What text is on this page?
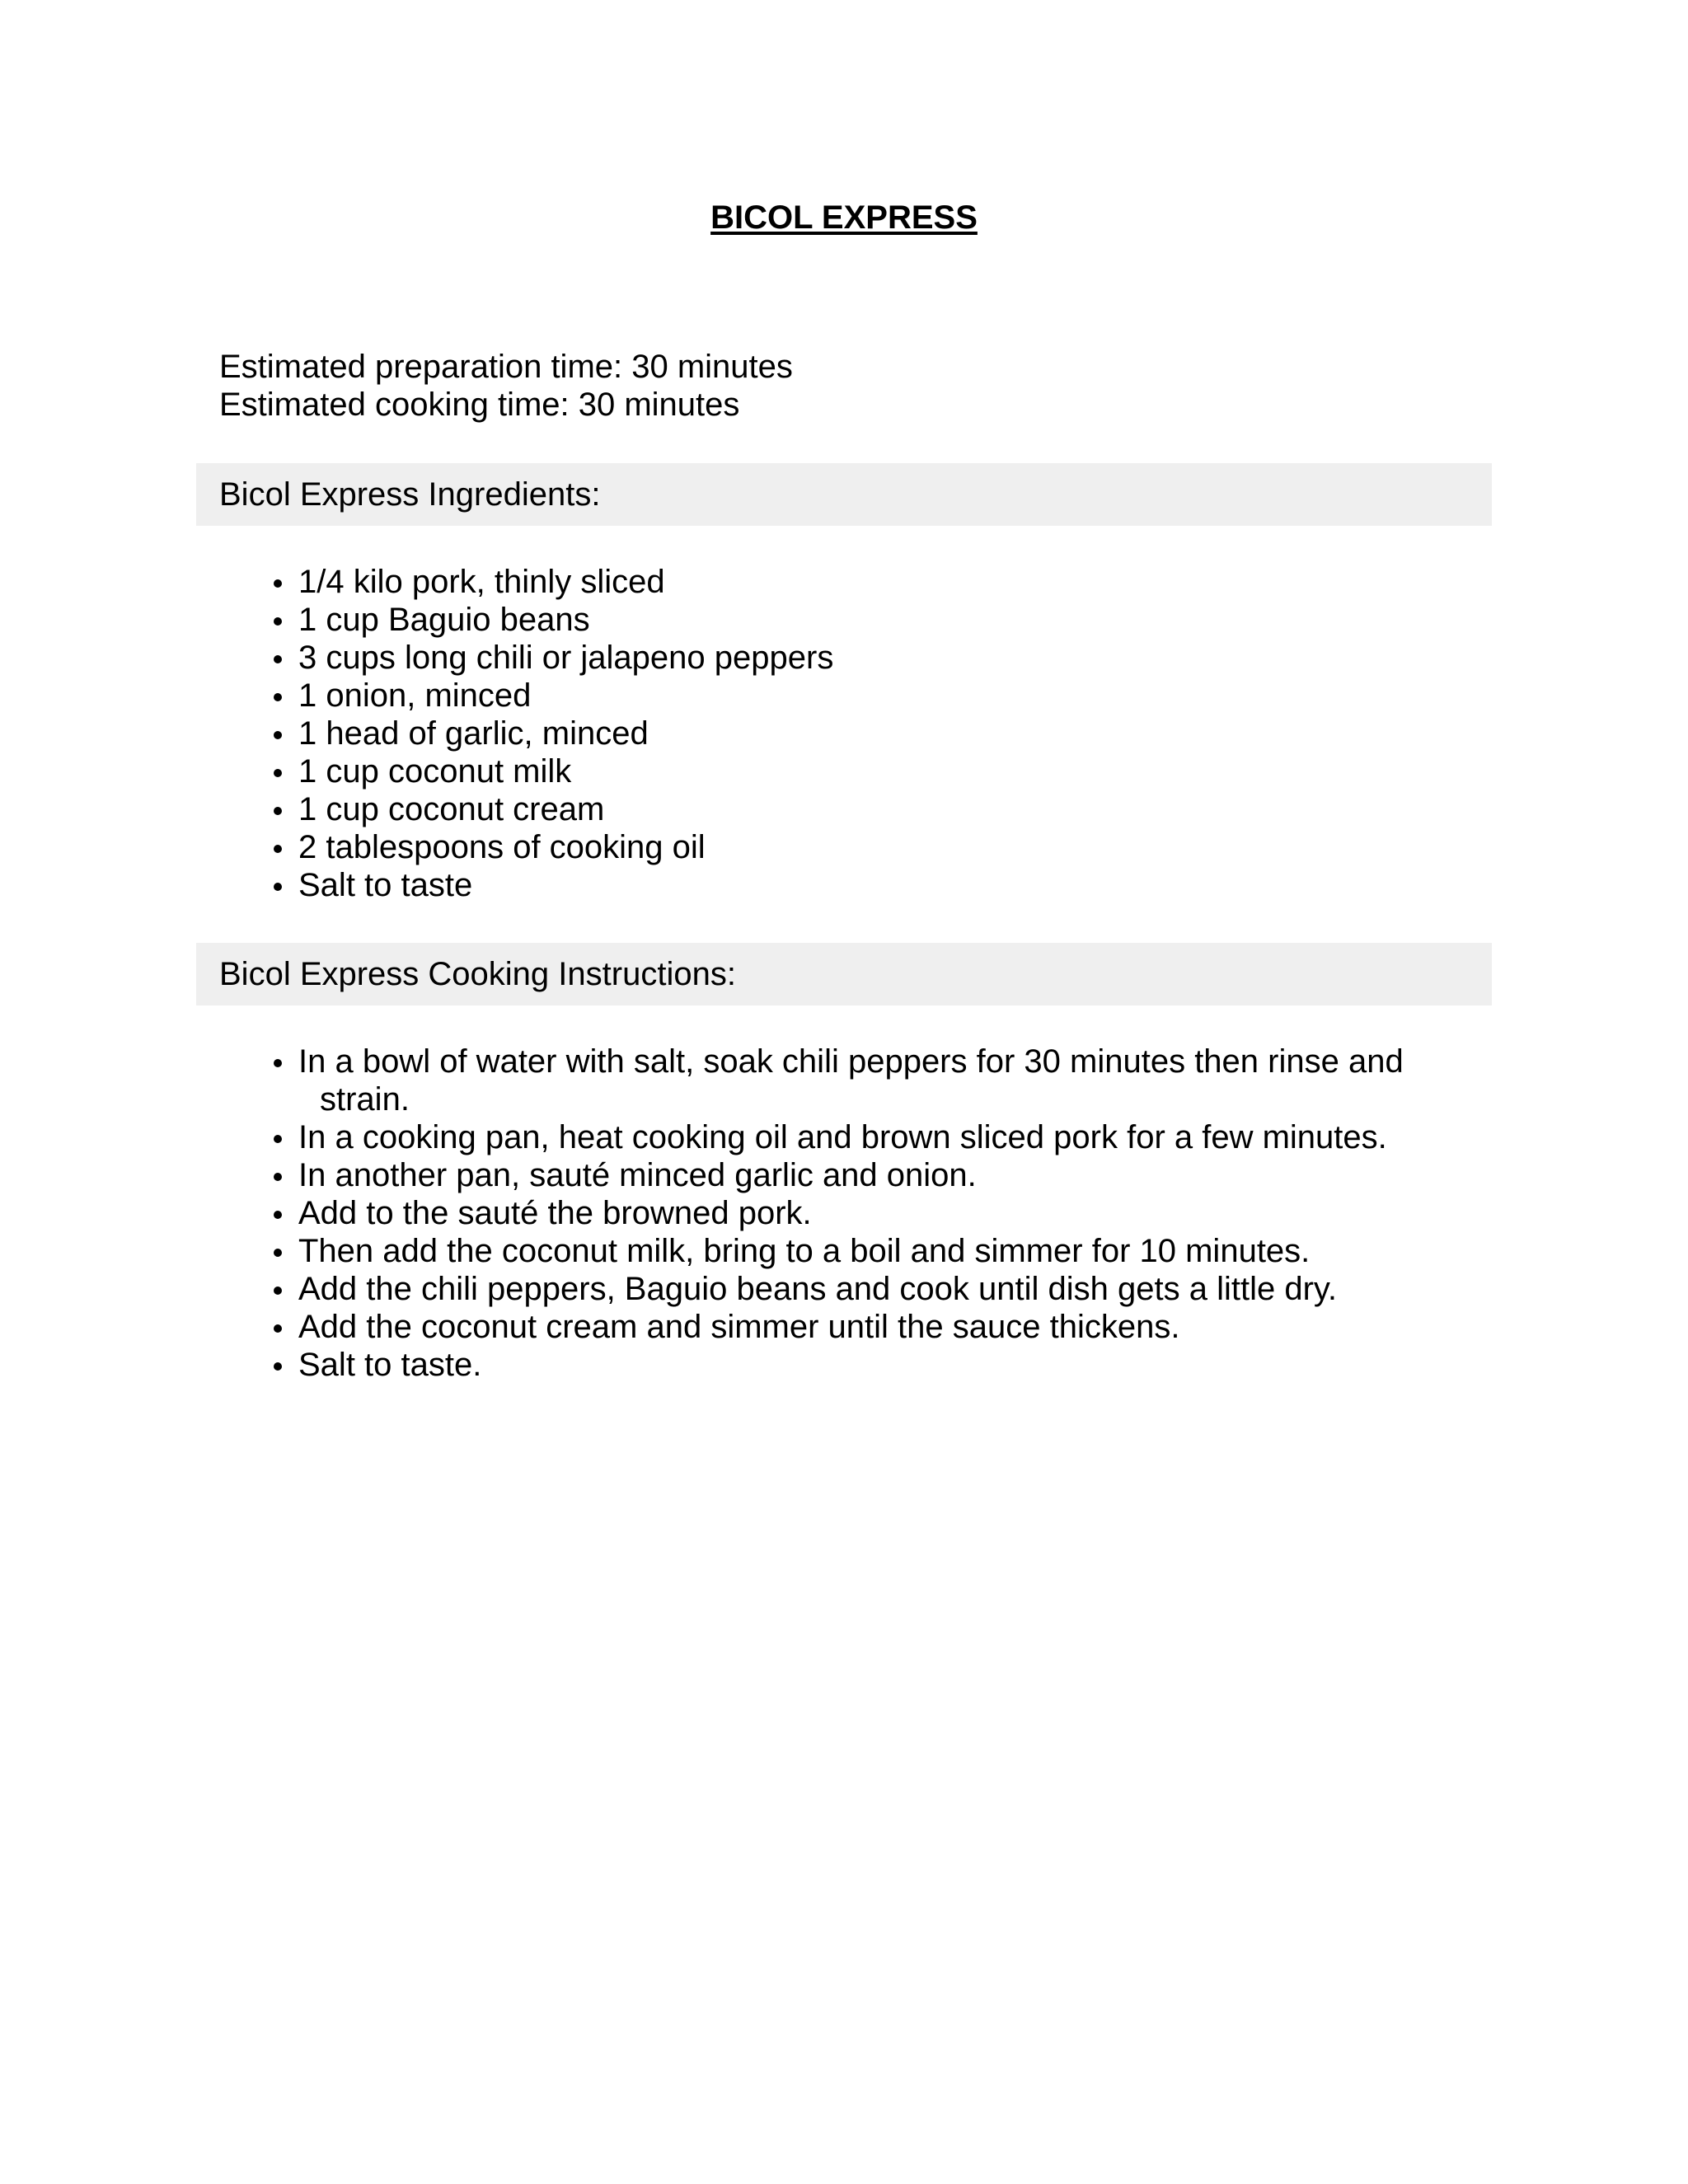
BICOL EXPRESS
Estimated preparation time: 30 minutes
Estimated cooking time: 30 minutes
Bicol Express Ingredients:
1/4 kilo pork, thinly sliced
1 cup Baguio beans
3 cups long chili or jalapeno peppers
1 onion, minced
1 head of garlic, minced
1 cup coconut milk
1 cup coconut cream
2 tablespoons of cooking oil
Salt to taste
Bicol Express Cooking Instructions:
In a bowl of water with salt, soak chili peppers for 30 minutes then rinse and
strain.
In a cooking pan, heat cooking oil and brown sliced pork for a few minutes.
In another pan, sauté minced garlic and onion.
Add to the sauté the browned pork.
Then add the coconut milk, bring to a boil and simmer for 10 minutes.
Add the chili peppers, Baguio beans and cook until dish gets a little dry.
Add the coconut cream and simmer until the sauce thickens.
Salt to taste.
